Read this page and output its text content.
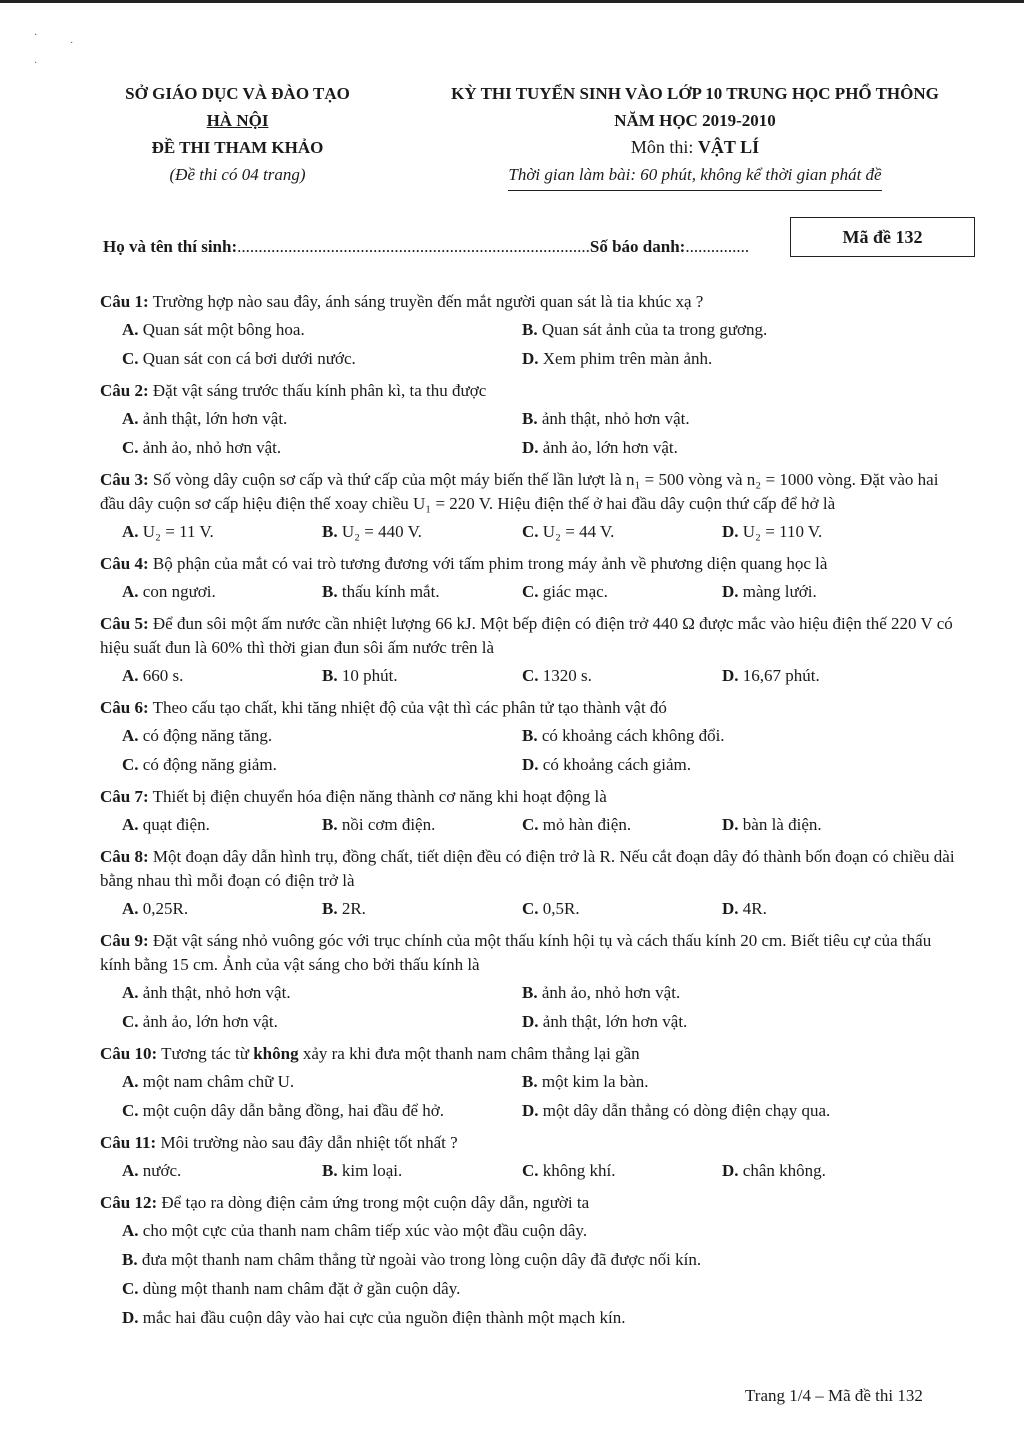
·
·
·
SỞ GIÁO DỤC VÀ ĐÀO TẠO
HÀ NỘI
ĐỀ THI THAM KHẢO
(Đề thi có 04 trang)
KỲ THI TUYỂN SINH VÀO LỚP 10 TRUNG HỌC PHỔ THÔNG
NĂM HỌC 2019-2010
Môn thi: VẬT LÍ
Thời gian làm bài: 60 phút, không kể thời gian phát đề
Họ và tên thí sinh:...................................................................................Số báo danh:...............	Mã đề 132

Câu 1: Trường hợp nào sau đây, ánh sáng truyền đến mắt người quan sát là tia khúc xạ ?

A. Quan sát một bông hoa.	B. Quan sát ảnh của ta trong gương.
C. Quan sát con cá bơi dưới nước.	D. Xem phim trên màn ảnh.

Câu 2: Đặt vật sáng trước thấu kính phân kì, ta thu được

A. ảnh thật, lớn hơn vật.	B. ảnh thật, nhỏ hơn vật.
C. ảnh ảo, nhỏ hơn vật.	D. ảnh ảo, lớn hơn vật.

Câu 3: Số vòng dây cuộn sơ cấp và thứ cấp của một máy biến thế lần lượt là n₁ = 500 vòng và n₂ = 1000 vòng. Đặt vào hai đầu dây cuộn sơ cấp hiệu điện thế xoay chiều U₁ = 220 V. Hiệu điện thế ở hai đầu dây cuộn thứ cấp để hở là

A. U₂ = 11 V.	B. U₂ = 440 V.	C. U₂ = 44 V.	D. U₂ = 110 V.

Câu 4: Bộ phận của mắt có vai trò tương đương với tấm phim trong máy ảnh về phương diện quang học là

A. con ngươi.	B. thấu kính mắt.	C. giác mạc.	D. màng lưới.

Câu 5: Để đun sôi một ấm nước cần nhiệt lượng 66 kJ. Một bếp điện có điện trở 440 Ω được mắc vào hiệu điện thế 220 V có hiệu suất đun là 60% thì thời gian đun sôi ấm nước trên là

A. 660 s.	B. 10 phút.	C. 1320 s.	D. 16,67 phút.

Câu 6: Theo cấu tạo chất, khi tăng nhiệt độ của vật thì các phân tử tạo thành vật đó

A. có động năng tăng.	B. có khoảng cách không đổi.
C. có động năng giảm.	D. có khoảng cách giảm.

Câu 7: Thiết bị điện chuyển hóa điện năng thành cơ năng khi hoạt động là

A. quạt điện.	B. nồi cơm điện.	C. mỏ hàn điện.	D. bàn là điện.

Câu 8: Một đoạn dây dẫn hình trụ, đồng chất, tiết diện đều có điện trở là R. Nếu cắt đoạn dây đó thành bốn đoạn có chiều dài bằng nhau thì mỗi đoạn có điện trở là

A. 0,25R.	B. 2R.	C. 0,5R.	D. 4R.

Câu 9: Đặt vật sáng nhỏ vuông góc với trục chính của một thấu kính hội tụ và cách thấu kính 20 cm. Biết tiêu cự của thấu kính bằng 15 cm. Ảnh của vật sáng cho bởi thấu kính là

A. ảnh thật, nhỏ hơn vật.	B. ảnh ảo, nhỏ hơn vật.
C. ảnh ảo, lớn hơn vật.	D. ảnh thật, lớn hơn vật.

Câu 10: Tương tác từ không xảy ra khi đưa một thanh nam châm thẳng lại gần

A. một nam châm chữ U.	B. một kim la bàn.
C. một cuộn dây dẫn bằng đồng, hai đầu để hở.	D. một dây dẫn thẳng có dòng điện chạy qua.

Câu 11: Môi trường nào sau đây dẫn nhiệt tốt nhất ?

A. nước.	B. kim loại.	C. không khí.	D. chân không.

Câu 12: Để tạo ra dòng điện cảm ứng trong một cuộn dây dẫn, người ta

A. cho một cực của thanh nam châm tiếp xúc vào một đầu cuộn dây.
B. đưa một thanh nam châm thẳng từ ngoài vào trong lòng cuộn dây đã được nối kín.
C. dùng một thanh nam châm đặt ở gần cuộn dây.
D. mắc hai đầu cuộn dây vào hai cực của nguồn điện thành một mạch kín.
Trang 1/4 – Mã đề thi 132
